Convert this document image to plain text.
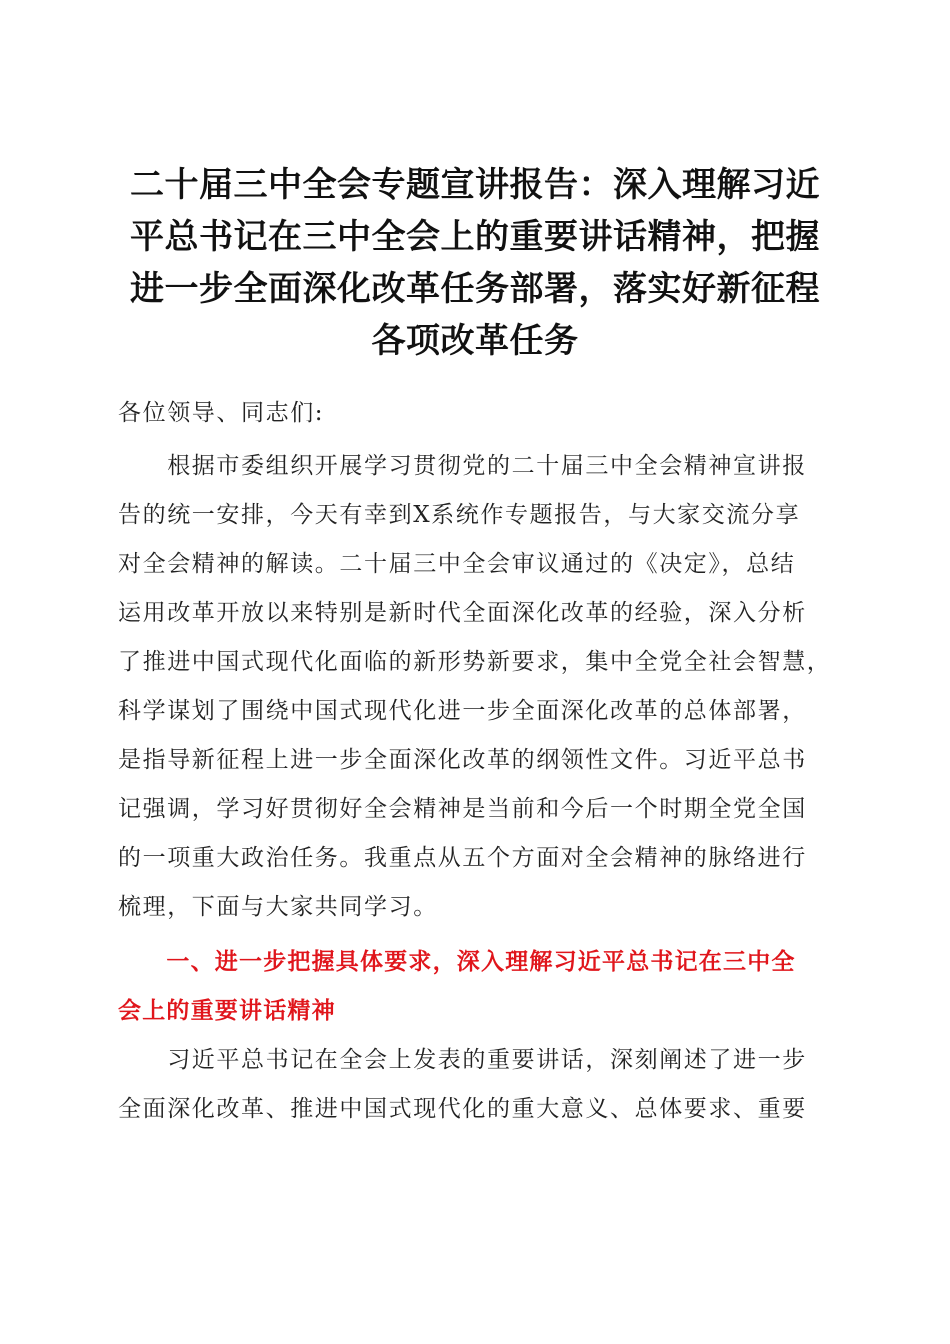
二十届三中全会专题宣讲报告：深入理解习近
平总书记在三中全会上的重要讲话精神，把握
进一步全面深化改革任务部署，落实好新征程
各项改革任务
各位领导、同志们:
　　根据市委组织开展学习贯彻党的二十届三中全会精神宣讲报
告的统一安排，今天有幸到X系统作专题报告，与大家交流分享
对全会精神的解读。二十届三中全会审议通过的《决定》，总结
运用改革开放以来特别是新时代全面深化改革的经验，深入分析
了推进中国式现代化面临的新形势新要求，集中全党全社会智慧，
科学谋划了围绕中国式现代化进一步全面深化改革的总体部署，
是指导新征程上进一步全面深化改革的纲领性文件。习近平总书
记强调，学习好贯彻好全会精神是当前和今后一个时期全党全国
的一项重大政治任务。我重点从五个方面对全会精神的脉络进行
梳理，下面与大家共同学习。
　　一、进一步把握具体要求，深入理解习近平总书记在三中全
会上的重要讲话精神
　　习近平总书记在全会上发表的重要讲话，深刻阐述了进一步
全面深化改革、推进中国式现代化的重大意义、总体要求、重要
